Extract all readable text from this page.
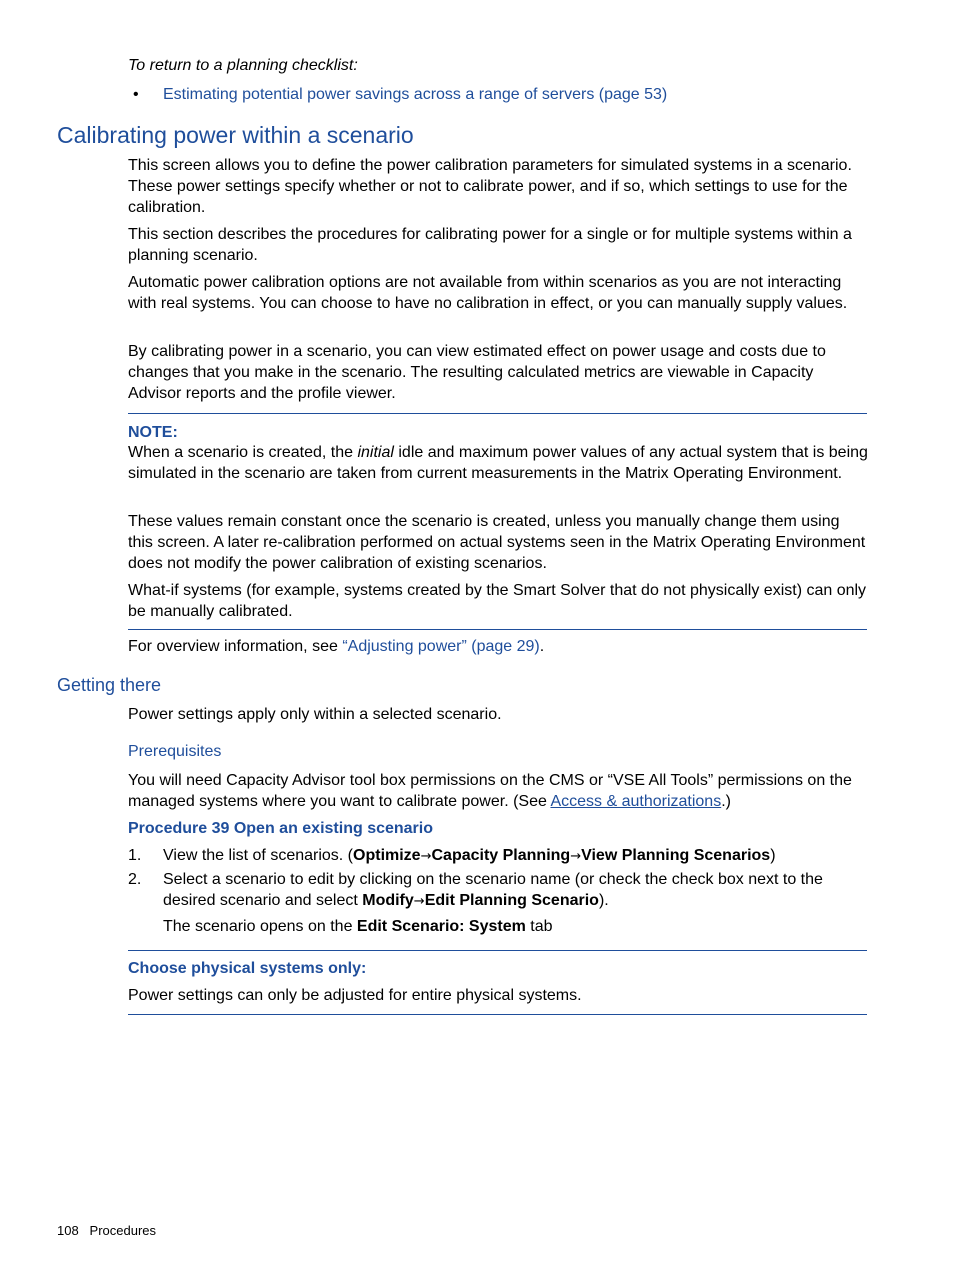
To return to a planning checklist:

• Estimating potential power savings across a range of servers (page 53)
Calibrating power within a scenario

This screen allows you to define the power calibration parameters for simulated systems in a scenario. These power settings specify whether or not to calibrate power, and if so, which settings to use for the calibration.

This section describes the procedures for calibrating power for a single or for multiple systems within a planning scenario.

Automatic power calibration options are not available from within scenarios as you are not interacting with real systems. You can choose to have no calibration in effect, or you can manually supply values.

By calibrating power in a scenario, you can view estimated effect on power usage and costs due to changes that you make in the scenario. The resulting calculated metrics are viewable in Capacity Advisor reports and the profile viewer.

NOTE:

When a scenario is created, the initial idle and maximum power values of any actual system that is being simulated in the scenario are taken from current measurements in the Matrix Operating Environment.

These values remain constant once the scenario is created, unless you manually change them using this screen. A later re-calibration performed on actual systems seen in the Matrix Operating Environment does not modify the power calibration of existing scenarios.

What-if systems (for example, systems created by the Smart Solver that do not physically exist) can only be manually calibrated.

For overview information, see “Adjusting power” (page 29).

Getting there

Power settings apply only within a selected scenario.

Prerequisites

You will need Capacity Advisor tool box permissions on the CMS or “VSE All Tools” permissions on the managed systems where you want to calibrate power. (See Access & authorizations.)

Procedure 39 Open an existing scenario
1.	View the list of scenarios. (Optimize→Capacity Planning→View Planning Scenarios)

2.	Select a scenario to edit by clicking on the scenario name (or check the check box next to the desired scenario and select Modify→Edit Planning Scenario).

The scenario opens on the Edit Scenario: System tab

Choose physical systems only:

Power settings can only be adjusted for entire physical systems.

108 Procedures
